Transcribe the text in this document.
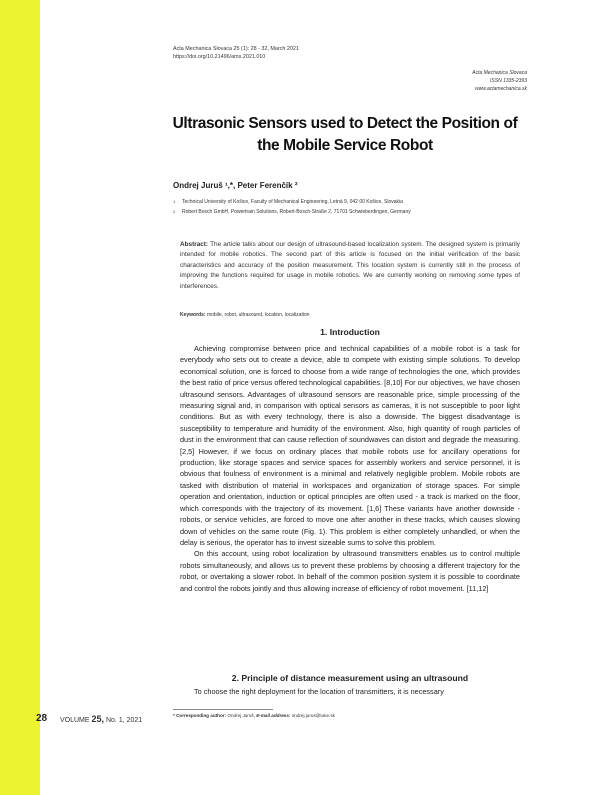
Acta Mechanica Slovaca 25 (1): 28 - 32, March 2021
https://doi.org/10.21496/ams.2021.010
Acta Mechanica Slovaca
ISSN 1335-2393
www.actamechanica.sk
Ultrasonic Sensors used to Detect the Position of the Mobile Service Robot
Ondrej Juruš ¹,*, Peter Ferenčík ²
1 Technical University of Košice, Faculty of Mechanical Engineering, Letná 9, 042 00 Košice, Slovakia
2 Robert Bosch GmbH, Powertrain Solutions, Robert-Bosch-Straße 2, 71701 Schwieberdingen, Germany
Abstract: The article talks about our design of ultrasound-based localization system. The designed system is primarily intended for mobile robotics. The second part of this article is focused on the initial verification of the basic characteristics and accuracy of the position measurement. This location system is currently still in the process of improving the functions required for usage in mobile robotics. We are currently working on removing some types of interferences.
Keywords: mobile, robot, ultrasound, location, localization
1. Introduction

Achieving compromise between price and technical capabilities of a mobile robot is a task for everybody who sets out to create a device, able to compete with existing simple solutions. To develop economical solution, one is forced to choose from a wide range of technologies the one, which provides the best ratio of price versus offered technological capabilities. [8,10] For our objectives, we have chosen ultrasound sensors. Advantages of ultrasound sensors are reasonable price, simple processing of the measuring signal and, in comparison with optical sensors as cameras, it is not susceptible to poor light conditions. But as with every technology, there is also a downside. The biggest disadvantage is susceptibility to temperature and humidity of the environment. Also, high quantity of rough particles of dust in the environment that can cause reflection of soundwaves can distort and degrade the measuring. [2,5] However, if we focus on ordinary places that mobile robots use for ancillary operations for production, like storage spaces and service spaces for assembly workers and service personnel, it is obvious that foulness of environment is a minimal and relatively negligible problem. Mobile robots are tasked with distribution of material in workspaces and organization of storage spaces. For simple operation and orientation, induction or optical principles are often used - a track is marked on the floor, which corresponds with the trajectory of its movement. [1,6] These variants have another downside - robots, or service vehicles, are forced to move one after another in these tracks, which causes slowing down of vehicles on the same route (Fig. 1). This problem is either completely unhandled, or when the delay is serious, the operator has to invest sizeable sums to solve this problem.

On this account, using robot localization by ultrasound transmitters enables us to control multiple robots simultaneously, and allows us to prevent these problems by choosing a different trajectory for the robot, or overtaking a slower robot. In behalf of the common position system it is possible to coordinate and control the robots jointly and thus allowing increase of efficiency of robot movement. [11,12]

2. Principle of distance measurement using an ultrasound
To choose the right deployment for the location of transmitters, it is necessary
* Corresponding author: Ondrej Juruš, E-mail address: ondrej.jurus@tuke.sk
28 VOLUME 25, No. 1, 2021
